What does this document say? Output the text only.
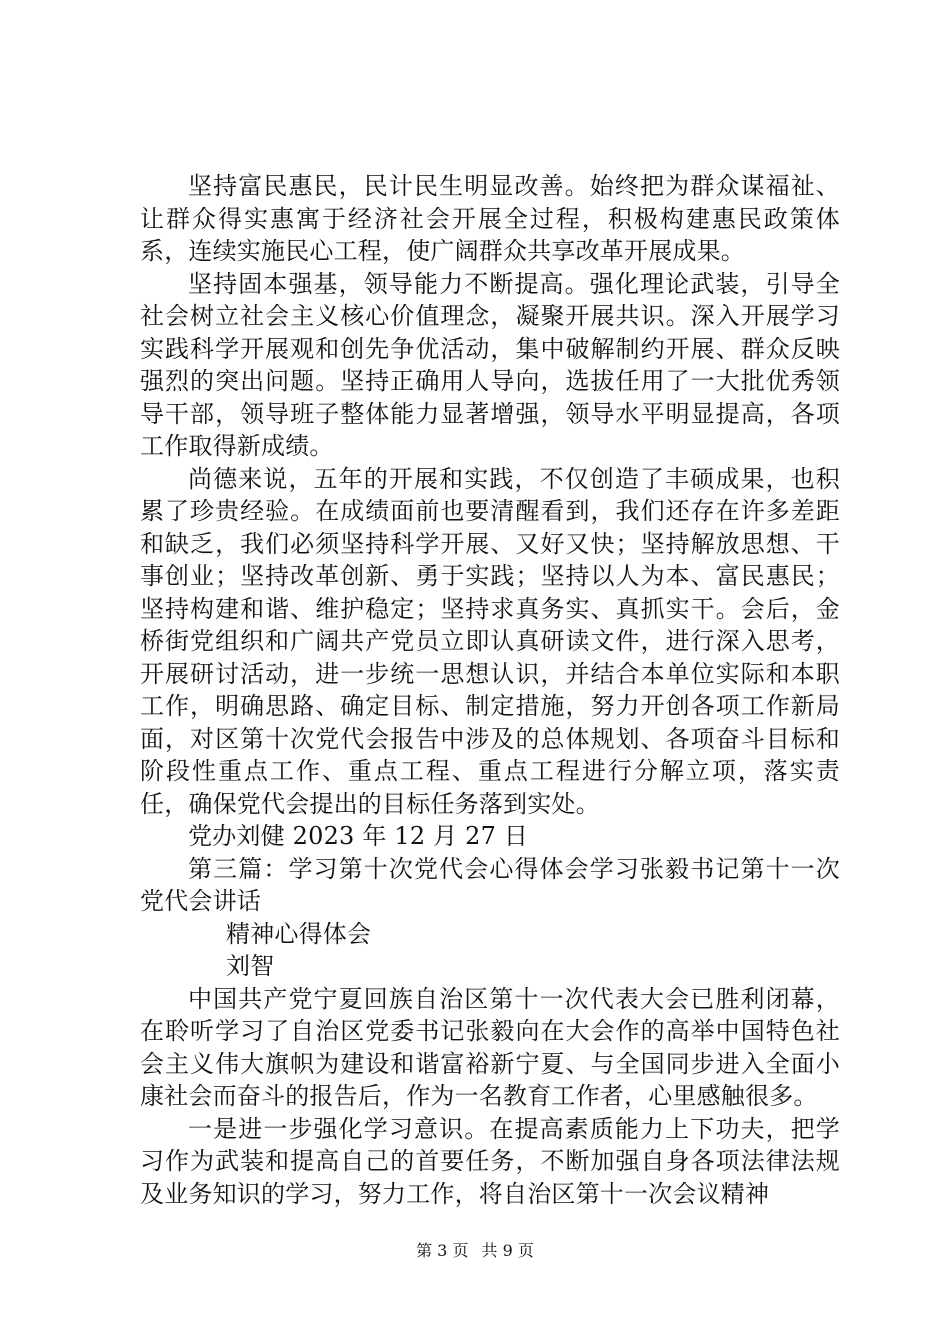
坚持富民惠民，民计民生明显改善。始终把为群众谋福祉、让群众得实惠寓于经济社会开展全过程，积极构建惠民政策体系，连续实施民心工程，使广阔群众共享改革开展成果。

坚持固本强基，领导能力不断提高。强化理论武装，引导全社会树立社会主义核心价值理念，凝聚开展共识。深入开展学习实践科学开展观和创先争优活动，集中破解制约开展、群众反映强烈的突出问题。坚持正确用人导向，选拔任用了一大批优秀领导干部，领导班子整体能力显著增强，领导水平明显提高，各项工作取得新成绩。

尚德来说，五年的开展和实践，不仅创造了丰硕成果，也积累了珍贵经验。在成绩面前也要清醒看到，我们还存在许多差距和缺乏，我们必须坚持科学开展、又好又快；坚持解放思想、干事创业；坚持改革创新、勇于实践；坚持以人为本、富民惠民；坚持构建和谐、维护稳定；坚持求真务实、真抓实干。会后，金桥街党组织和广阔共产党员立即认真研读文件，进行深入思考，开展研讨活动，进一步统一思想认识，并结合本单位实际和本职工作，明确思路、确定目标、制定措施，努力开创各项工作新局面，对区第十次党代会报告中涉及的总体规划、各项奋斗目标和阶段性重点工作、重点工程、重点工程进行分解立项，落实责任，确保党代会提出的目标任务落到实处。

党办刘健 2023 年 12 月 27 日

第三篇：学习第十次党代会心得体会学习张毅书记第十一次党代会讲话

精神心得体会

刘智

中国共产党宁夏回族自治区第十一次代表大会已胜利闭幕，在聆听学习了自治区党委书记张毅向在大会作的高举中国特色社会主义伟大旗帜为建设和谐富裕新宁夏、与全国同步进入全面小康社会而奋斗的报告后，作为一名教育工作者，心里感触很多。

一是进一步强化学习意识。在提高素质能力上下功夫，把学习作为武装和提高自己的首要任务，不断加强自身各项法律法规及业务知识的学习，努力工作，将自治区第十一次会议精神

第 3 页 共 9 页
